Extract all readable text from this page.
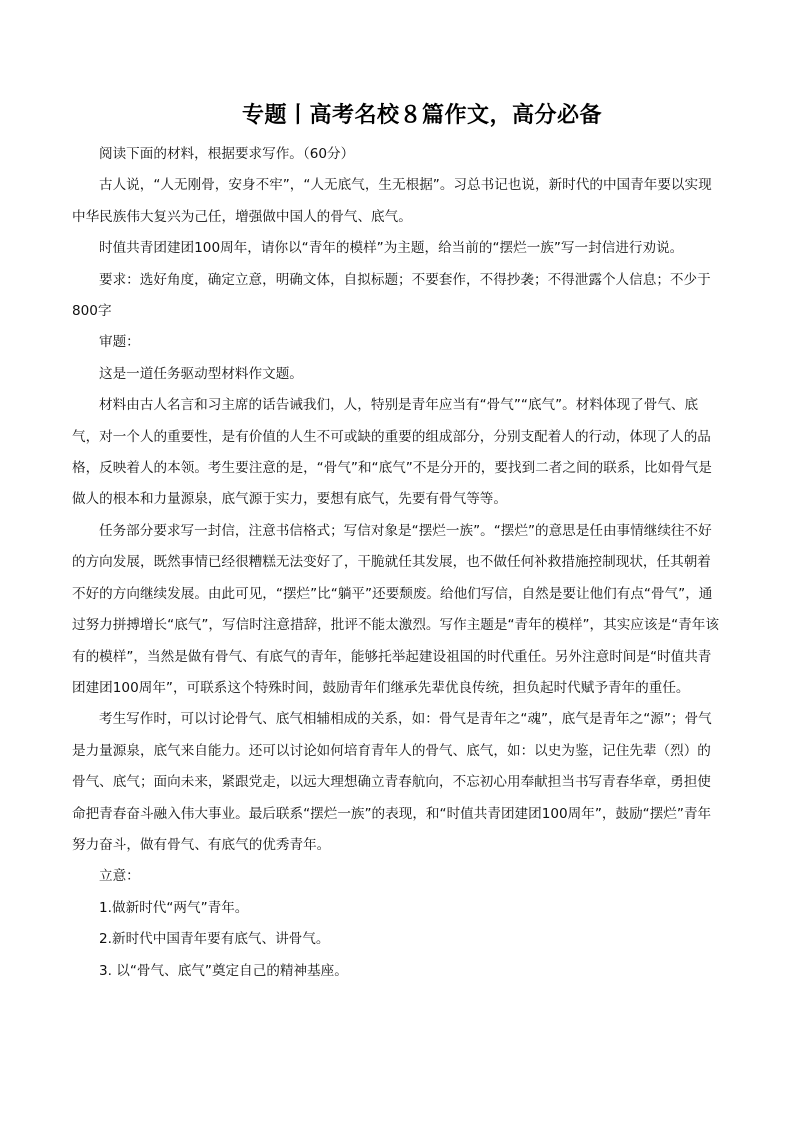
专题丨高考名校８篇作文，高分必备

阅读下面的材料，根据要求写作。（60分）

古人说，“人无刚骨，安身不牢”，“人无底气，生无根据”。习总书记也说，新时代的中国青年要以实现中华民族伟大复兴为己任，增强做中国人的骨气、底气。

时值共青团建团100周年，请你以“青年的模样”为主题，给当前的“摆烂一族”写一封信进行劝说。

要求：选好角度，确定立意，明确文体，自拟标题；不要套作，不得抄袭；不得泄露个人信息；不少于800字

审题：

这是一道任务驱动型材料作文题。

材料由古人名言和习主席的话告诫我们，人，特别是青年应当有“骨气”“底气”。材料体现了骨气、底气，对一个人的重要性，是有价值的人生不可或缺的重要的组成部分，分别支配着人的行动，体现了人的品格，反映着人的本领。考生要注意的是，“骨气”和“底气”不是分开的，要找到二者之间的联系，比如骨气是做人的根本和力量源泉，底气源于实力，要想有底气，先要有骨气等等。

任务部分要求写一封信，注意书信格式；写信对象是“摆烂一族”。“摆烂”的意思是任由事情继续往不好的方向发展，既然事情已经很糟糕无法变好了，干脆就任其发展，也不做任何补救措施控制现状，任其朝着不好的方向继续发展。由此可见，“摆烂”比“躺平”还要颓废。给他们写信，自然是要让他们有点“骨气”，通过努力拼搏增长“底气”，写信时注意措辞，批评不能太激烈。写作主题是“青年的模样”，其实应该是“青年该有的模样”，当然是做有骨气、有底气的青年，能够托举起建设祖国的时代重任。另外注意时间是“时值共青团建团100周年”，可联系这个特殊时间，鼓励青年们继承先辈优良传统，担负起时代赋予青年的重任。

考生写作时，可以讨论骨气、底气相辅相成的关系，如：骨气是青年之“魂”，底气是青年之“源”；骨气是力量源泉，底气来自能力。还可以讨论如何培育青年人的骨气、底气，如：以史为鉴，记住先辈（烈）的骨气、底气；面向未来，紧跟党走，以远大理想确立青春航向，不忘初心用奉献担当书写青春华章，勇担使命把青春奋斗融入伟大事业。最后联系“摆烂一族”的表现，和“时值共青团建团100周年”，鼓励“摆烂”青年努力奋斗，做有骨气、有底气的优秀青年。

立意：

1.做新时代“两气”青年。

2.新时代中国青年要有底气、讲骨气。

3. 以“骨气、底气”奠定自己的精神基座。
